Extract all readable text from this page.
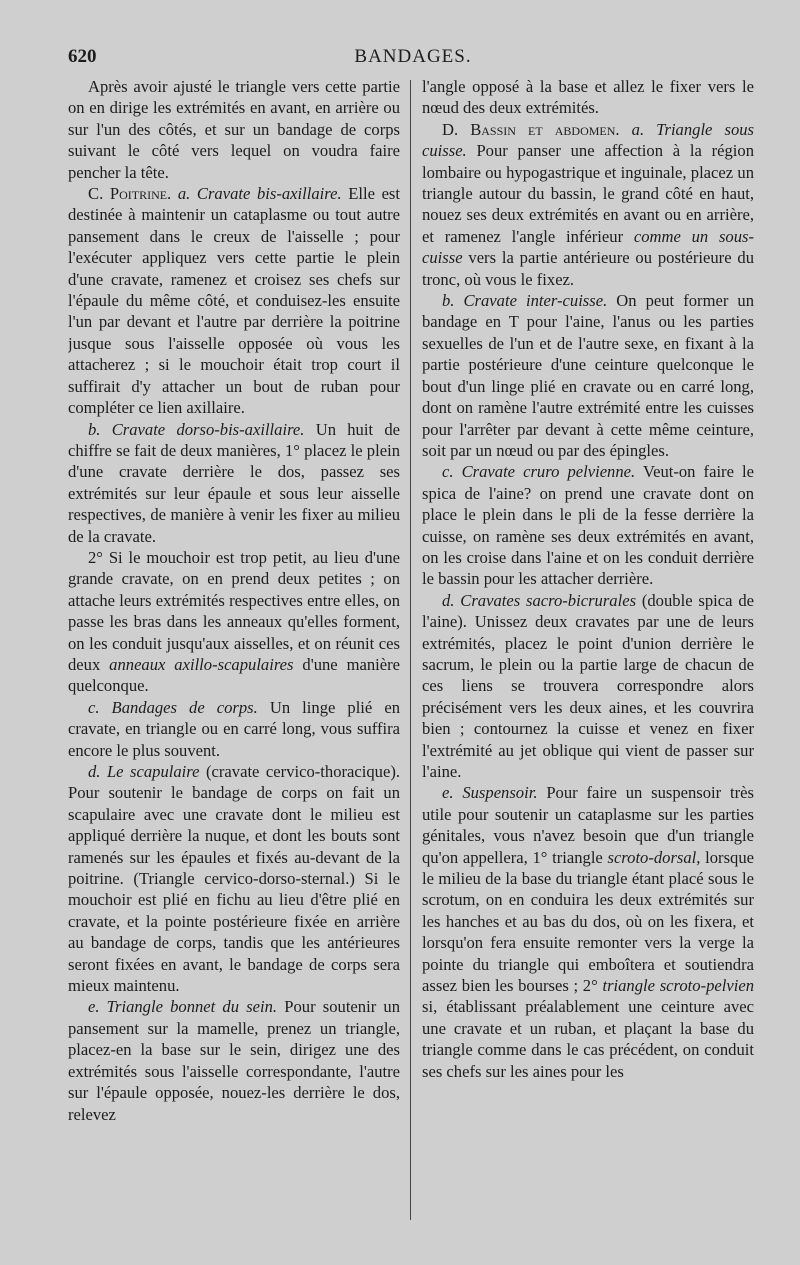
620	BANDAGES.

Après avoir ajusté le triangle vers cette partie on en dirige les extrémités en avant, en arrière ou sur l'un des côtés, et sur un bandage de corps suivant le côté vers lequel on voudra faire pencher la tête.

C. Poitrine. a. Cravate bis-axillaire. Elle est destinée à maintenir un cataplasme ou tout autre pansement dans le creux de l'aisselle ; pour l'exécuter appliquez vers cette partie le plein d'une cravate, ramenez et croisez ses chefs sur l'épaule du même côté, et conduisez-les ensuite l'un par devant et l'autre par derrière la poitrine jusque sous l'aisselle opposée où vous les attacherez ; si le mouchoir était trop court il suffirait d'y attacher un bout de ruban pour compléter ce lien axillaire.

b. Cravate dorso-bis-axillaire. Un huit de chiffre se fait de deux manières, 1° placez le plein d'une cravate derrière le dos, passez ses extrémités sur leur épaule et sous leur aisselle respectives, de manière à venir les fixer au milieu de la cravate.

2° Si le mouchoir est trop petit, au lieu d'une grande cravate, on en prend deux petites ; on attache leurs extrémités respectives entre elles, on passe les bras dans les anneaux qu'elles forment, on les conduit jusqu'aux aisselles, et on réunit ces deux anneaux axillo-scapulaires d'une manière quelconque.

c. Bandages de corps. Un linge plié en cravate, en triangle ou en carré long, vous suffira encore le plus souvent.

d. Le scapulaire (cravate cervico-thoracique). Pour soutenir le bandage de corps on fait un scapulaire avec une cravate dont le milieu est appliqué derrière la nuque, et dont les bouts sont ramenés sur les épaules et fixés au-devant de la poitrine. (Triangle cervico-dorso-sternal.) Si le mouchoir est plié en fichu au lieu d'être plié en cravate, et la pointe postérieure fixée en arrière au bandage de corps, tandis que les antérieures seront fixées en avant, le bandage de corps sera mieux maintenu.

e. Triangle bonnet du sein. Pour soutenir un pansement sur la mamelle, prenez un triangle, placez-en la base sur le sein, dirigez une des extrémités sous l'aisselle correspondante, l'autre sur l'épaule opposée, nouez-les derrière le dos, relevez

l'angle opposé à la base et allez le fixer vers le nœud des deux extrémités.

D. Bassin et abdomen. a. Triangle sous cuisse. Pour panser une affection à la région lombaire ou hypogastrique et inguinale, placez un triangle autour du bassin, le grand côté en haut, nouez ses deux extrémités en avant ou en arrière, et ramenez l'angle inférieur comme un sous-cuisse vers la partie antérieure ou postérieure du tronc, où vous le fixez.

b. Cravate inter-cuisse. On peut former un bandage en T pour l'aine, l'anus ou les parties sexuelles de l'un et de l'autre sexe, en fixant à la partie postérieure d'une ceinture quelconque le bout d'un linge plié en cravate ou en carré long, dont on ramène l'autre extrémité entre les cuisses pour l'arrêter par devant à cette même ceinture, soit par un nœud ou par des épingles.

c. Cravate cruro pelvienne. Veut-on faire le spica de l'aine? on prend une cravate dont on place le plein dans le pli de la fesse derrière la cuisse, on ramène ses deux extrémités en avant, on les croise dans l'aine et on les conduit derrière le bassin pour les attacher derrière.

d. Cravates sacro-bicrurales (double spica de l'aine). Unissez deux cravates par une de leurs extrémités, placez le point d'union derrière le sacrum, le plein ou la partie large de chacun de ces liens se trouvera correspondre alors précisément vers les deux aines, et les couvrira bien ; contournez la cuisse et venez en fixer l'extrémité au jet oblique qui vient de passer sur l'aine.

e. Suspensoir. Pour faire un suspensoir très utile pour soutenir un cataplasme sur les parties génitales, vous n'avez besoin que d'un triangle qu'on appellera, 1° triangle scroto-dorsal, lorsque le milieu de la base du triangle étant placé sous le scrotum, on en conduira les deux extrémités sur les hanches et au bas du dos, où on les fixera, et lorsqu'on fera ensuite remonter vers la verge la pointe du triangle qui emboîtera et soutiendra assez bien les bourses ; 2° triangle scroto-pelvien si, établissant préalablement une ceinture avec une cravate et un ruban, et plaçant la base du triangle comme dans le cas précédent, on conduit ses chefs sur les aines pour les
